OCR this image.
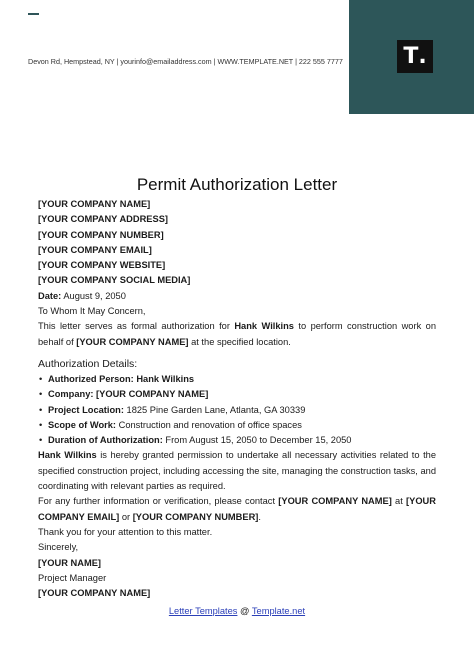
Devon Rd, Hempstead, NY | yourinfo@emailaddress.com | WWW.TEMPLATE.NET | 222 555 7777	T .
Permit Authorization Letter
[YOUR COMPANY NAME]
[YOUR COMPANY ADDRESS]
[YOUR COMPANY NUMBER]
[YOUR COMPANY EMAIL]
[YOUR COMPANY WEBSITE]
[YOUR COMPANY SOCIAL MEDIA]
Date: August 9, 2050
To Whom It May Concern,
This letter serves as formal authorization for Hank Wilkins to perform construction work on behalf of [YOUR COMPANY NAME] at the specified location.
Authorization Details:
• Authorized Person: Hank Wilkins
• Company: [YOUR COMPANY NAME]
• Project Location: 1825 Pine Garden Lane, Atlanta, GA 30339
• Scope of Work: Construction and renovation of office spaces
• Duration of Authorization: From August 15, 2050 to December 15, 2050
Hank Wilkins is hereby granted permission to undertake all necessary activities related to the specified construction project, including accessing the site, managing the construction tasks, and coordinating with relevant parties as required.
For any further information or verification, please contact [YOUR COMPANY NAME] at [YOUR COMPANY EMAIL] or [YOUR COMPANY NUMBER].
Thank you for your attention to this matter.
Sincerely,
[YOUR NAME]
Project Manager
[YOUR COMPANY NAME]
Letter Templates @ Template.net
